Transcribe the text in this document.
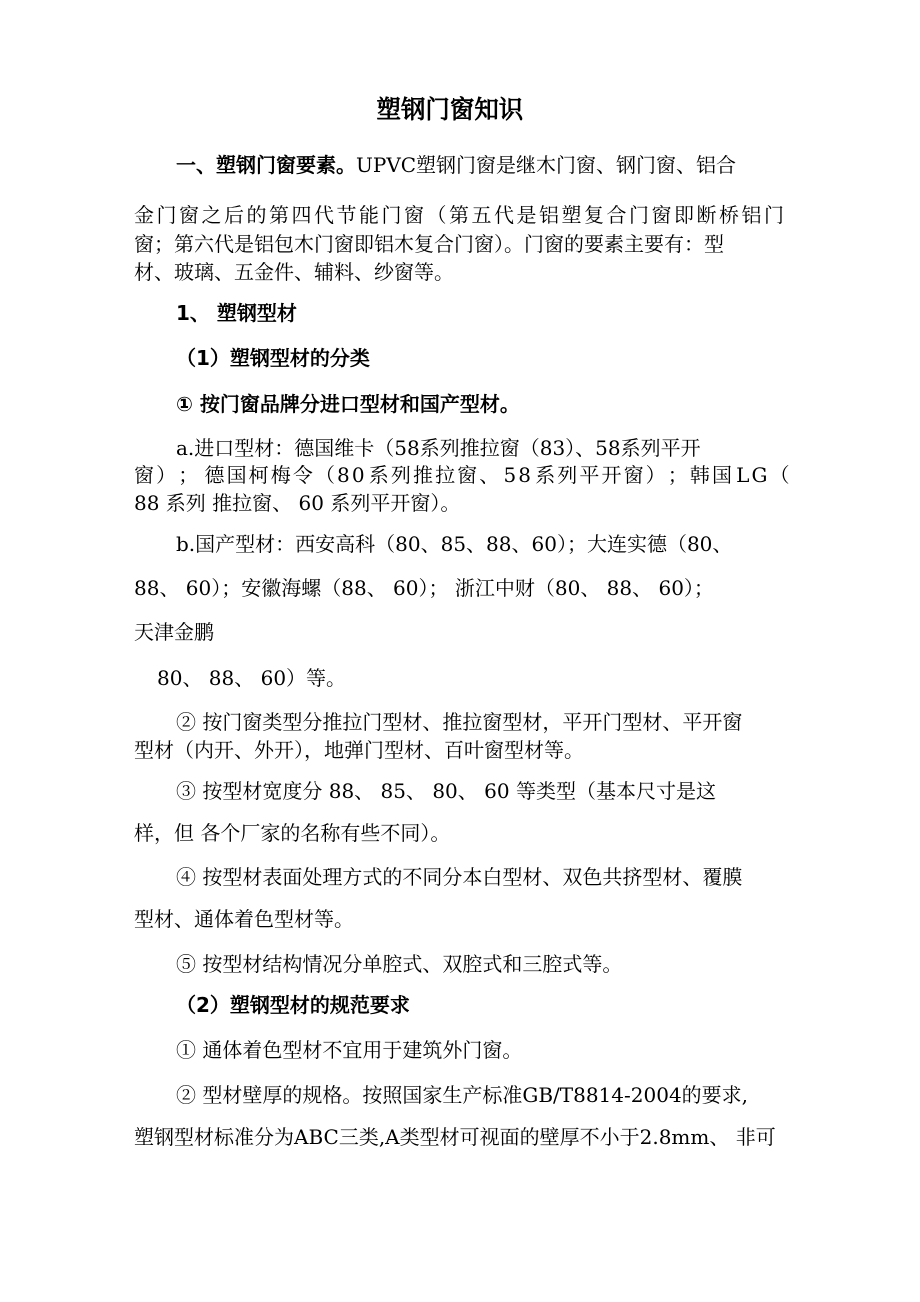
塑钢门窗知识
一、塑钢门窗要素。UPVC塑钢门窗是继木门窗、钢门窗、铝合
金 门 窗 之 后 的 第 四 代 节 能 门 窗 （ 第 五 代 是 铝 塑 复 合 门 窗 即 断 桥 铝 门
窗；第六代是铝包木门窗即铝木复合门窗）。门窗的要素主要有：型
材、玻璃、五金件、辅料、纱窗等。
1、 塑钢型材
（1）塑钢型材的分类
① 按门窗品牌分进口型材和国产型材。
a.进口型材：德国维卡（58系列推拉窗（83）、58系列平开
窗 ） ； 德 国 柯 梅 令 （ 8 0 系 列 推 拉 窗 、 5 8 系 列 平 开 窗 ） ； 韩 国 L G （
88 系列 推拉窗、 60 系列平开窗）。
b.国产型材：西安高科（80、85、88、60）；大连实德（80、
88、 60）；安徽海螺（88、 60）； 浙江中财（80、 88、 60）；
天津金鹏
80、 88、 60）等。
② 按门窗类型分推拉门型材、推拉窗型材，平开门型材、平开窗
型材（内开、外开），地弹门型材、百叶窗型材等。
③ 按型材宽度分 88、 85、 80、 60 等类型（基本尺寸是这
样，但 各个厂家的名称有些不同）。
④ 按型材表面处理方式的不同分本白型材、双色共挤型材、覆膜
型材、通体着色型材等。
⑤ 按型材结构情况分单腔式、双腔式和三腔式等。
（2）塑钢型材的规范要求
① 通体着色型材不宜用于建筑外门窗。
② 型材壁厚的规格。按照国家生产标准GB/T8814-2004的要求,
塑钢型材标准分为ABC三类,A类型材可视面的壁厚不小于2.8mm、 非可
